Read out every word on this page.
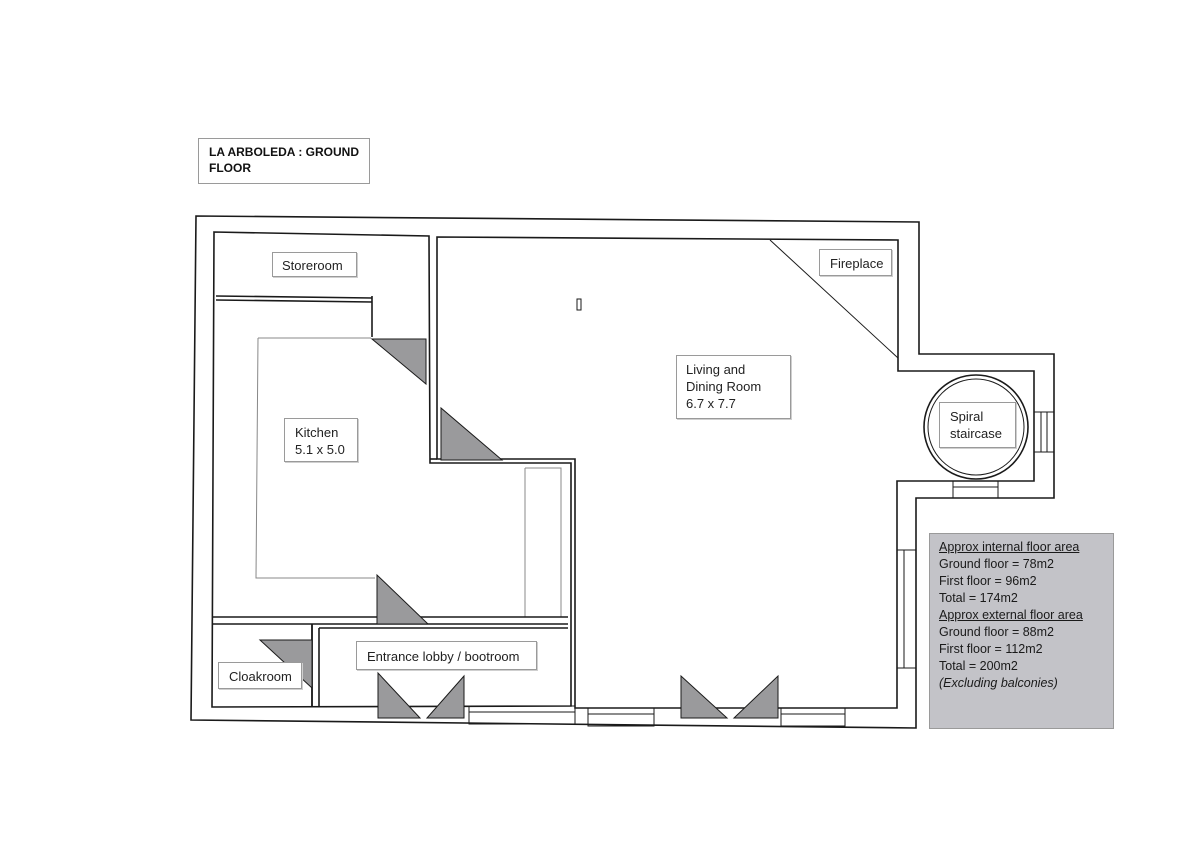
LA ARBOLEDA : GROUND FLOOR
Storeroom	Fireplace
Living and
Dining Room
6.7 x 7.7
Kitchen
5.1 x 5.0
Spiral
staircase
Entrance lobby / bootroom
Cloakroom
Approx internal floor area
Ground floor = 78m2
First floor = 96m2
Total = 174m2
Approx external floor area
Ground floor = 88m2
First floor = 112m2
Total = 200m2
(Excluding balconies)
